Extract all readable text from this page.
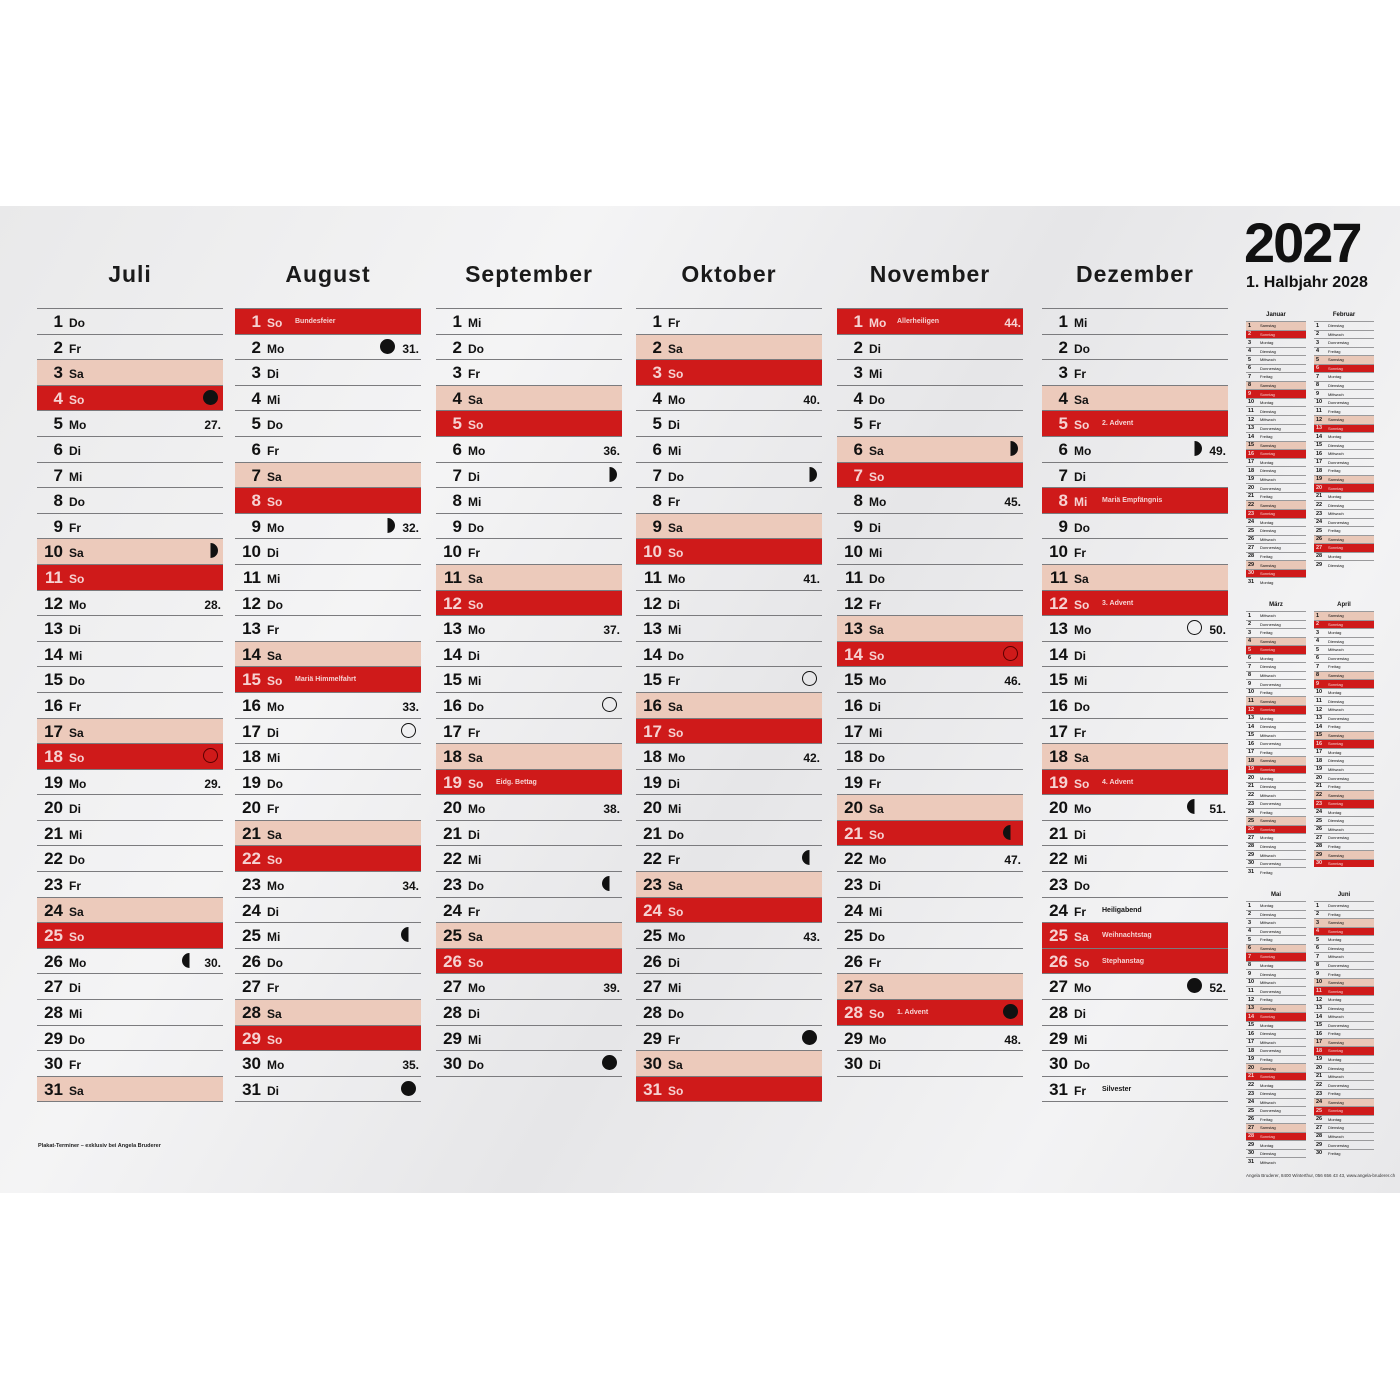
2027
1. Halbjahr 2028
Juli
1 Do
2 Fr
3 Sa
4 So
5 Mo	27.
6 Di
7 Mi
8 Do
9 Fr
10 Sa
11 So
12 Mo	28.
13 Di
14 Mi
15 Do
16 Fr
17 Sa
18 So
19 Mo	29.
20 Di
21 Mi
22 Do
23 Fr
24 Sa
25 So
26 Mo	30.
27 Di
28 Mi
29 Do
30 Fr
31 Sa
August
1 So Bundesfeier
2 Mo	31.
3 Di
4 Mi
5 Do
6 Fr
7 Sa
8 So
9 Mo	32.
10 Di
11 Mi
12 Do
13 Fr
14 Sa
15 So Mariä Himmelfahrt
16 Mo	33.
17 Di
18 Mi
19 Do
20 Fr
21 Sa
22 So
23 Mo	34.
24 Di
25 Mi
26 Do
27 Fr
28 Sa
29 So
30 Mo	35.
31 Di
September
1 Mi
2 Do
3 Fr
4 Sa
5 So
6 Mo	36.
7 Di
8 Mi
9 Do
10 Fr
11 Sa
12 So
13 Mo	37.
14 Di
15 Mi
16 Do
17 Fr
18 Sa
19 So Eidg. Bettag
20 Mo	38.
21 Di
22 Mi
23 Do
24 Fr
25 Sa
26 So
27 Mo	39.
28 Di
29 Mi
30 Do
Oktober
1 Fr
2 Sa
3 So
4 Mo	40.
5 Di
6 Mi
7 Do
8 Fr
9 Sa
10 So
11 Mo	41.
12 Di
13 Mi
14 Do
15 Fr
16 Sa
17 So
18 Mo	42.
19 Di
20 Mi
21 Do
22 Fr
23 Sa
24 So
25 Mo	43.
26 Di
27 Mi
28 Do
29 Fr
30 Sa
31 So
November
1 Mo Allerheiligen	44.
2 Di
3 Mi
4 Do
5 Fr
6 Sa
7 So
8 Mo	45.
9 Di
10 Mi
11 Do
12 Fr
13 Sa
14 So
15 Mo	46.
16 Di
17 Mi
18 Do
19 Fr
20 Sa
21 So
22 Mo	47.
23 Di
24 Mi
25 Do
26 Fr
27 Sa
28 So 1. Advent
29 Mo	48.
30 Di
Dezember
1 Mi
2 Do
3 Fr
4 Sa
5 So 2. Advent
6 Mo	49.
7 Di
8 Mi Mariä Empfängnis
9 Do
10 Fr
11 Sa
12 So 3. Advent
13 Mo	50.
14 Di
15 Mi
16 Do
17 Fr
18 Sa
19 So 4. Advent
20 Mo	51.
21 Di
22 Mi
23 Do
24 Fr Heiligabend
25 Sa Weihnachtstag
26 So Stephanstag
27 Mo	52.
28 Di
29 Mi
30 Do
31 Fr Silvester
Januar
1 Samstag
2 Sonntag
3 Montag
4 Dienstag
5 Mittwoch
6 Donnerstag
7 Freitag
8 Samstag
9 Sonntag
10 Montag
11 Dienstag
12 Mittwoch
13 Donnerstag
14 Freitag
15 Samstag
16 Sonntag
17 Montag
18 Dienstag
19 Mittwoch
20 Donnerstag
21 Freitag
22 Samstag
23 Sonntag
24 Montag
25 Dienstag
26 Mittwoch
27 Donnerstag
28 Freitag
29 Samstag
30 Sonntag
31 Montag
Februar
1 Dienstag
2 Mittwoch
3 Donnerstag
4 Freitag
5 Samstag
6 Sonntag
7 Montag
8 Dienstag
9 Mittwoch
10 Donnerstag
11 Freitag
12 Samstag
13 Sonntag
14 Montag
15 Dienstag
16 Mittwoch
17 Donnerstag
18 Freitag
19 Samstag
20 Sonntag
21 Montag
22 Dienstag
23 Mittwoch
24 Donnerstag
25 Freitag
26 Samstag
27 Sonntag
28 Montag
29 Dienstag
März
1 Mittwoch
2 Donnerstag
3 Freitag
4 Samstag
5 Sonntag
6 Montag
7 Dienstag
8 Mittwoch
9 Donnerstag
10 Freitag
11 Samstag
12 Sonntag
13 Montag
14 Dienstag
15 Mittwoch
16 Donnerstag
17 Freitag
18 Samstag
19 Sonntag
20 Montag
21 Dienstag
22 Mittwoch
23 Donnerstag
24 Freitag
25 Samstag
26 Sonntag
27 Montag
28 Dienstag
29 Mittwoch
30 Donnerstag
31 Freitag
April
1 Samstag
2 Sonntag
3 Montag
4 Dienstag
5 Mittwoch
6 Donnerstag
7 Freitag
8 Samstag
9 Sonntag
10 Montag
11 Dienstag
12 Mittwoch
13 Donnerstag
14 Freitag
15 Samstag
16 Sonntag
17 Montag
18 Dienstag
19 Mittwoch
20 Donnerstag
21 Freitag
22 Samstag
23 Sonntag
24 Montag
25 Dienstag
26 Mittwoch
27 Donnerstag
28 Freitag
29 Samstag
30 Sonntag
Mai
1 Montag
2 Dienstag
3 Mittwoch
4 Donnerstag
5 Freitag
6 Samstag
7 Sonntag
8 Montag
9 Dienstag
10 Mittwoch
11 Donnerstag
12 Freitag
13 Samstag
14 Sonntag
15 Montag
16 Dienstag
17 Mittwoch
18 Donnerstag
19 Freitag
20 Samstag
21 Sonntag
22 Montag
23 Dienstag
24 Mittwoch
25 Donnerstag
26 Freitag
27 Samstag
28 Sonntag
29 Montag
30 Dienstag
31 Mittwoch
Juni
1 Donnerstag
2 Freitag
3 Samstag
4 Sonntag
5 Montag
6 Dienstag
7 Mittwoch
8 Donnerstag
9 Freitag
10 Samstag
11 Sonntag
12 Montag
13 Dienstag
14 Mittwoch
15 Donnerstag
16 Freitag
17 Samstag
18 Sonntag
19 Montag
20 Dienstag
21 Mittwoch
22 Donnerstag
23 Freitag
24 Samstag
25 Sonntag
26 Montag
27 Dienstag
28 Mittwoch
29 Donnerstag
30 Freitag
Plakat-Terminer – exklusiv bei Angela Bruderer
Angela Bruderer, 8400 Winterthur, 056 656 43 43, www.angela-bruderer.ch
